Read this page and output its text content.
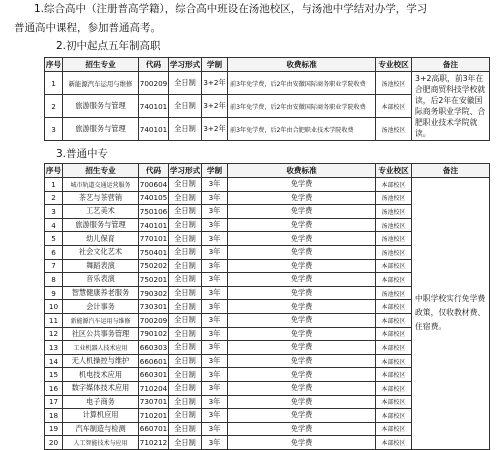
1.综合高中（注册普高学籍），综合高中班设在汤池校区，与汤池中学结对办学，学习
普通高中课程，参加普通高考。

2.初中起点五年制高职
序号	招生专业	代码	学习形式	学制	收费标准	专业校区	备注
1	新能源汽车运用与维修	700209	全日制	3+2年	前3年免学费，后2年由安徽国际商务职业学院收费	汤池校区	3+2高职，前3年在合肥商贸科技学校就读，后2年在安徽国际商务职业学院、合肥职业技术学院就读。
2	旅游服务与管理	740101	全日制	3+2年	前3年免学费，后2年由安徽国际商务职业学院收费	本部校区	
3	旅游服务与管理	740101	全日制	3+2年	前3年免学费，后2年由合肥职业技术学院收费	汤池校区	
3.普通中专
序号	招生专业	代码	学习形式	学制	收费标准	专业校区	备注
1	城市轨道交通运营服务	700604	全日制	3年	免学费	本部校区	中职学校实行免学费政策，仅收教材费、住宿费。
2	茶艺与茶营销	740105	全日制	3年	免学费	汤池校区	
3	工艺美术	750106	全日制	3年	免学费	汤池校区	
4	旅游服务与管理	740101	全日制	3年	免学费	汤池校区	
5	幼儿保育	770101	全日制	3年	免学费	汤池校区	
6	社会文化艺术	750401	全日制	3年	免学费	汤池校区	
7	舞蹈表演	750202	全日制	3年	免学费	本部校区	
8	音乐表演	750201	全日制	3年	免学费	本部校区	
9	智慧健康养老服务	790302	全日制	3年	免学费	汤池校区	
10	会计事务	730301	全日制	3年	免学费	本部校区	
11	新能源汽车运用与维修	700209	全日制	3年	免学费	本部校区	
12	社区公共事务管理	790102	全日制	3年	免学费	本部校区	
13	工业机器人技术应用	660303	全日制	3年	免学费	本部校区	
14	无人机操控与维护	660601	全日制	3年	免学费	本部校区	
15	机电技术应用	660301	全日制	3年	免学费	本部校区	
16	数字媒体技术应用	710204	全日制	3年	免学费	本部校区	
17	电子商务	730701	全日制	3年	免学费	本部校区	
18	计算机应用	710201	全日制	3年	免学费	本部校区	
19	汽车制造与检测	660701	全日制	3年	免学费	本部校区	
20	人工智能技术与应用	710212	全日制	3年	免学费	本部校区	
